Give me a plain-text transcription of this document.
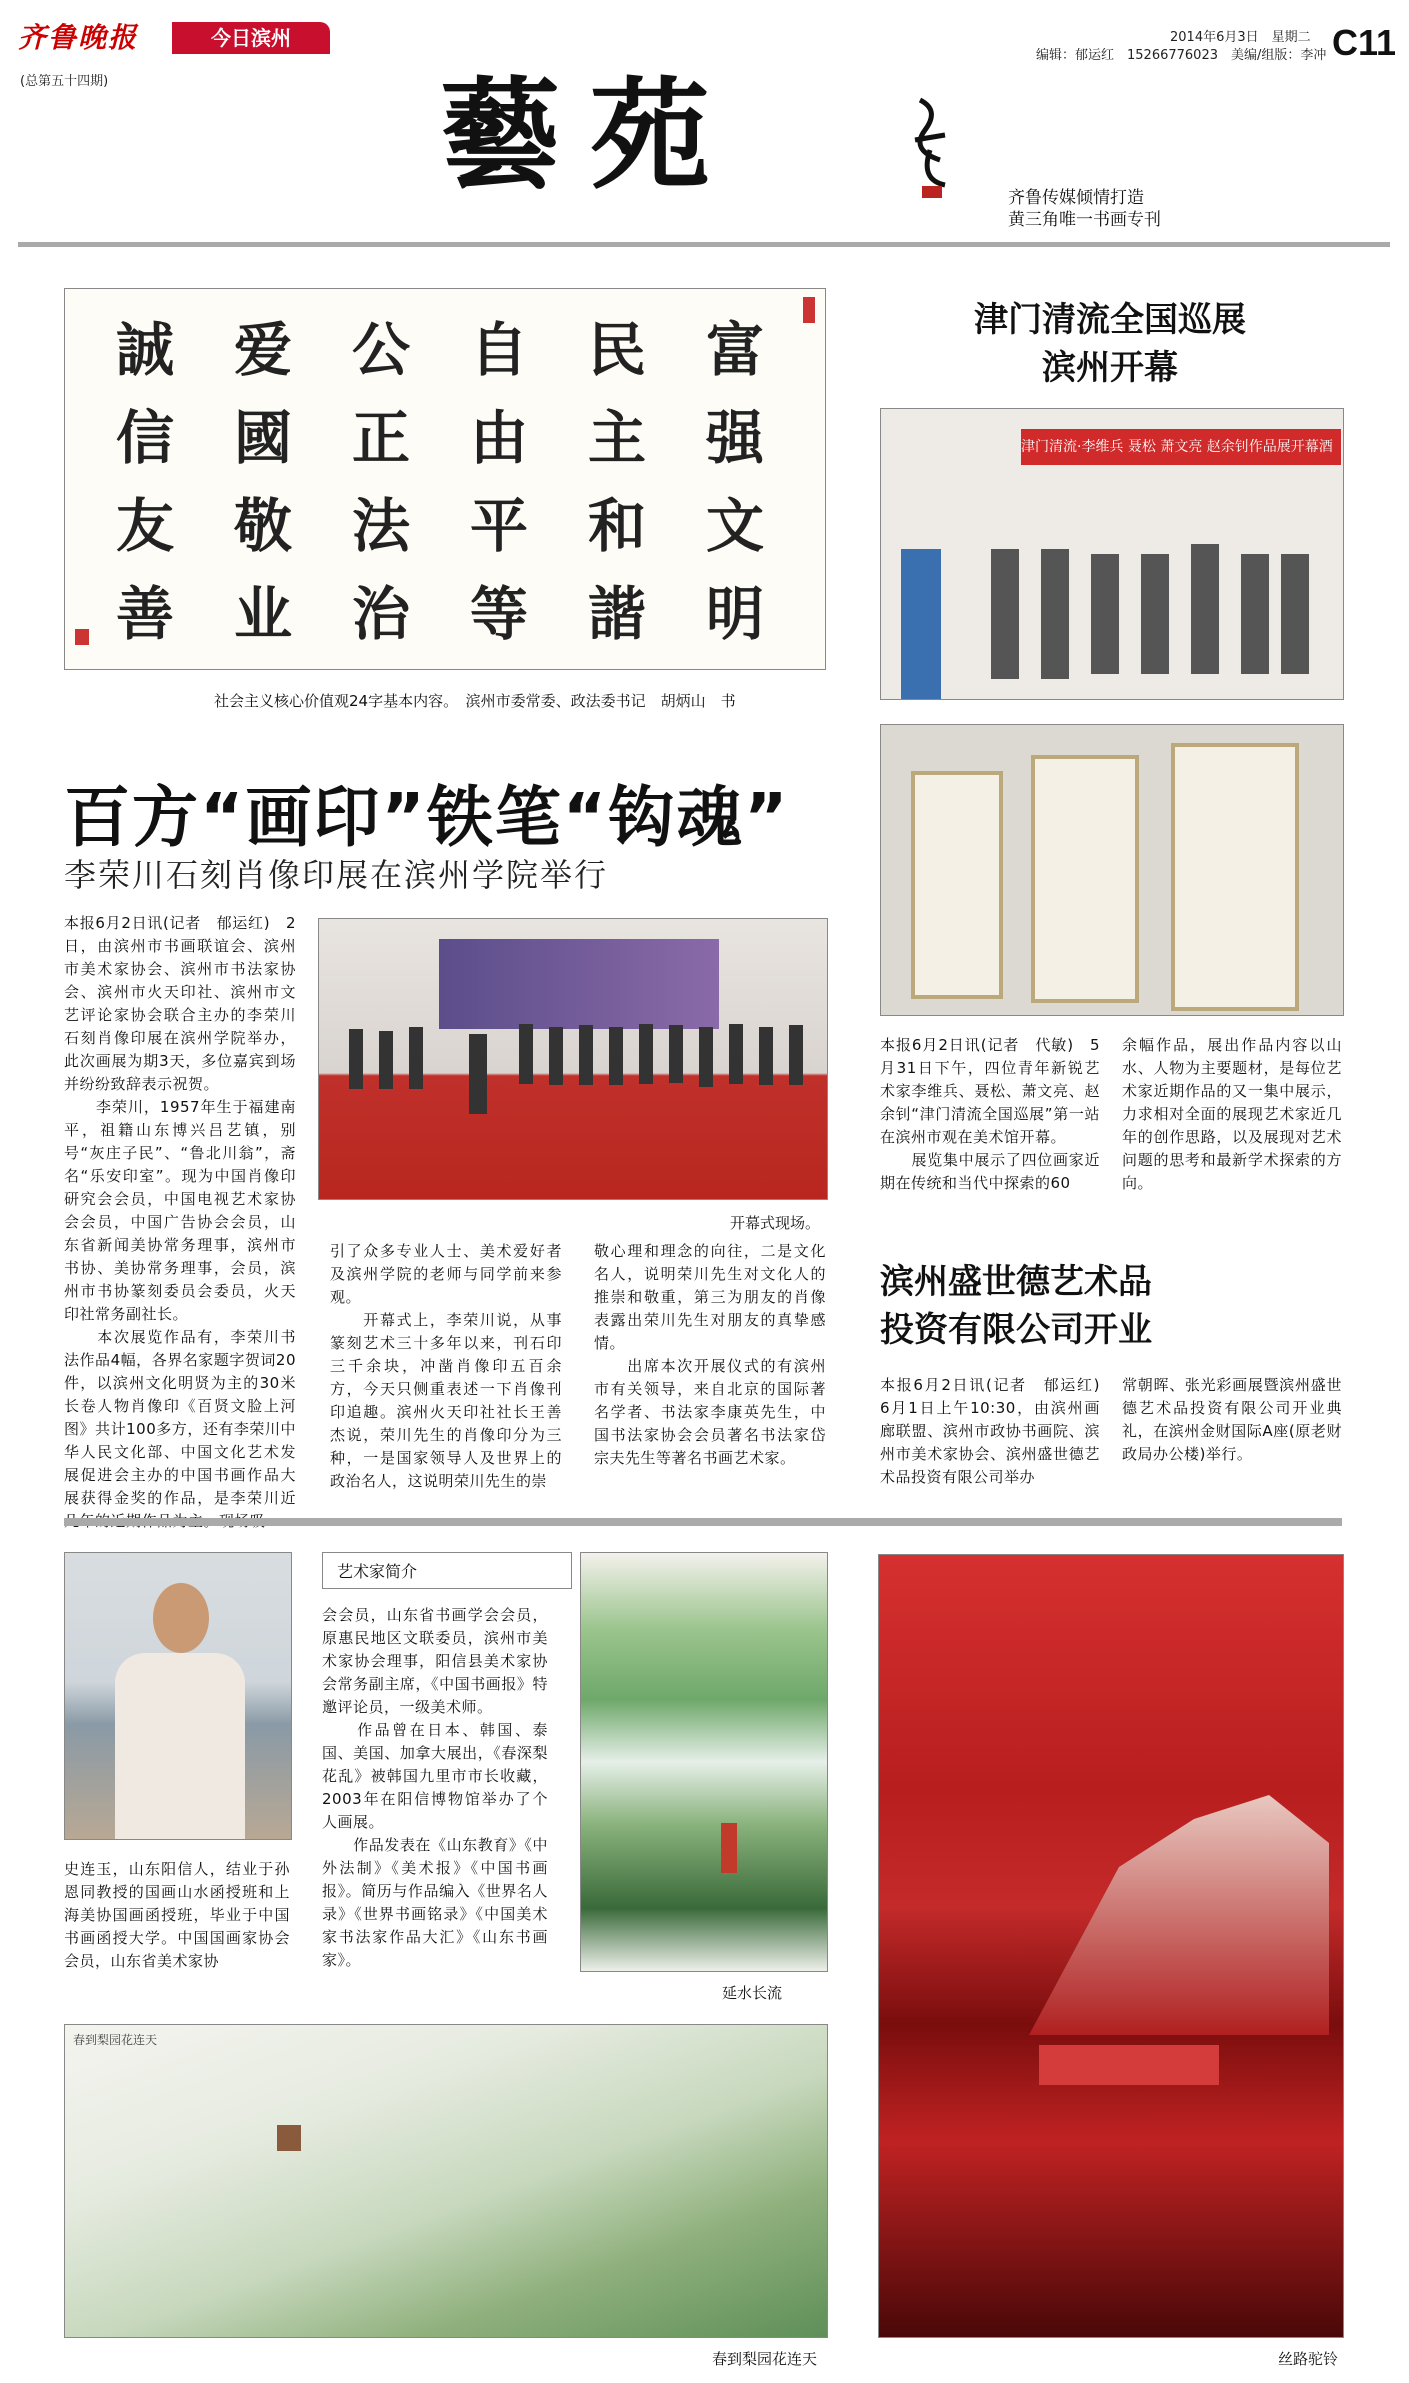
齐鲁晚报	今日滨州
(总第五十四期)
2014年6月3日　星期二
编辑：郁运红　15266776023　美编/组版：李冲 C11
藝苑	齐鲁传媒倾情打造
黄三角唯一书画专刊
富
强
文
明
民
主
和
諧
自
由
平
等
公
正
法
治
爱
國
敬
业
誠
信
友
善
社会主义核心价值观24字基本内容。　滨州市委常委、政法委书记　胡炳山　书
百方“画印”铁笔“钩魂”
李荣川石刻肖像印展在滨州学院举行
本报6月2日讯(记者　郁运红)　2日，由滨州市书画联谊会、滨州市美术家协会、滨州市书法家协会、滨州市火天印社、滨州市文艺评论家协会联合主办的李荣川石刻肖像印展在滨州学院举办，此次画展为期3天，多位嘉宾到场并纷纷致辞表示祝贺。
　　李荣川，1957年生于福建南平，祖籍山东博兴吕艺镇，别号“灰庄子民”、“鲁北川翁”，斋名“乐安印室”。现为中国肖像印研究会会员，中国电视艺术家协会会员，中国广告协会会员，山东省新闻美协常务理事，滨州市书协、美协常务理事，会员，滨州市书协篆刻委员会委员，火天印社常务副社长。
　　本次展览作品有，李荣川书法作品4幅，各界名家题字贺词20件，以滨州文化明贤为主的30米长卷人物肖像印《百贤文脸上河图》共计100多方，还有李荣川中华人民文化部、中国文化艺术发展促进会主办的中国书画作品大展获得金奖的作品，是李荣川近
开幕式现场。
引了众多专业人士、美术爱好者及滨州学院的老师与同学前来参观。
　　开幕式上，李荣川说，从事篆刻艺术三十多年以来，刊石印三千余块，冲凿肖像印五百余方，今天只侧重表述一下肖像刊印追趣。滨州火天印社社长王善杰说，荣川先生的肖像印分为三种，一是国家领导人及世界上的政治名人，这说明荣川先生的崇
敬心理和理念的向往，二是文化名人，说明荣川先生对文化人的推崇和敬重，第三为朋友的肖像表露出荣川先生对朋友的真挚感情。
　　出席本次开展仪式的有滨州市有关领导，来自北京的国际著名学者、书法家李康英先生，中国书法家协会会员著名书法家岱宗夫先生等著名书画艺术家。
津门清流全国巡展
滨州开幕
津门清流·李维兵 聂松 萧文亮 赵余钊作品展开幕酒
本报6月2日讯(记者　代敏)　5月31日下午，四位青年新锐艺术家李维兵、聂松、萧文亮、赵余钊“津门清流全国巡展”第一站在滨州市观在美术馆开幕。
　　展览集中展示了四位画家近期在传统和当代中探索的60
余幅作品，展出作品内容以山水、人物为主要题材，是每位艺术家近期作品的又一集中展示，力求相对全面的展现艺术家近几年的创作思路，以及展现对艺术问题的思考和最新学术探索的方向。
滨州盛世德艺术品
投资有限公司开业
本报6月2日讯(记者　郁运红)　6月1日上午10:30，由滨州画廊联盟、滨州市政协书画院、滨州市美术家协会、滨州盛世德艺术品投资有限公司举办
常朝晖、张光彩画展暨滨州盛世德艺术品投资有限公司开业典礼，在滨州金财国际A座(原老财政局办公楼)举行。
史连玉，山东阳信人，结业于孙恩同教授的国画山水函授班和上海美协国画函授班，毕业于中国书画函授大学。中国国画家协会会员，山东省美术家协
艺术家简介
会会员，山东省书画学会会员，原惠民地区文联委员，滨州市美术家协会理事，阳信县美术家协会常务副主席，《中国书画报》特邀评论员，一级美术师。
　　作品曾在日本、韩国、泰国、美国、加拿大展出，《春深梨花乱》被韩国九里市市长收藏，2003年在阳信博物馆举办了个人画展。
　　作品发表在《山东教育》《中外法制》《美术报》《中国书画报》。简历与作品编入《世界名人录》《世界书画铭录》《中国美术家书法家作品大汇》《山东书画家》。
延水长流
春到梨园花连天
春到梨园花连天	丝路驼铃
